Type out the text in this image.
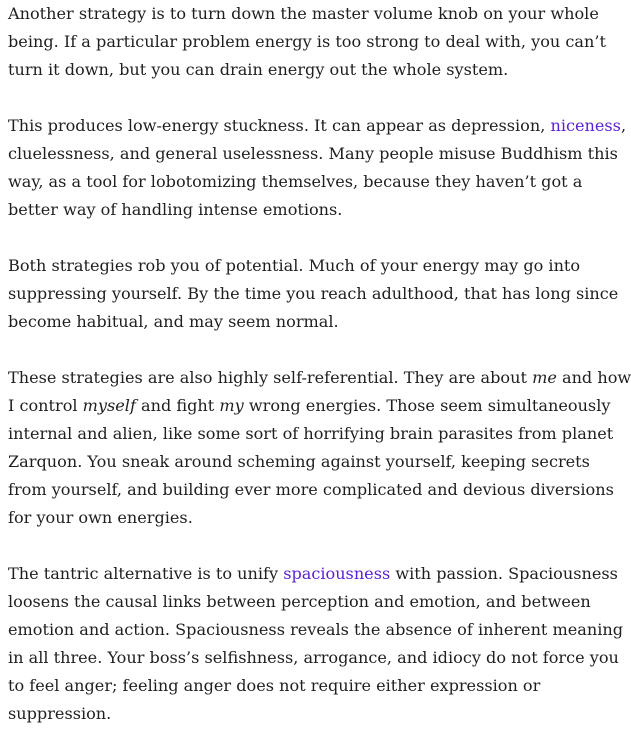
Another strategy is to turn down the master volume knob on your whole
being. If a particular problem energy is too strong to deal with, you can’t
turn it down, but you can drain energy out the whole system.

This produces low-energy stuckness. It can appear as depression, niceness,
cluelessness, and general uselessness. Many people misuse Buddhism this
way, as a tool for lobotomizing themselves, because they haven’t got a
better way of handling intense emotions.

Both strategies rob you of potential. Much of your energy may go into
suppressing yourself. By the time you reach adulthood, that has long since
become habitual, and may seem normal.

These strategies are also highly self-referential. They are about me and how
I control myself and fight my wrong energies. Those seem simultaneously
internal and alien, like some sort of horrifying brain parasites from planet
Zarquon. You sneak around scheming against yourself, keeping secrets
from yourself, and building ever more complicated and devious diversions
for your own energies.

The tantric alternative is to unify spaciousness with passion. Spaciousness
loosens the causal links between perception and emotion, and between
emotion and action. Spaciousness reveals the absence of inherent meaning
in all three. Your boss’s selfishness, arrogance, and idiocy do not force you
to feel anger; feeling anger does not require either expression or
suppression.
